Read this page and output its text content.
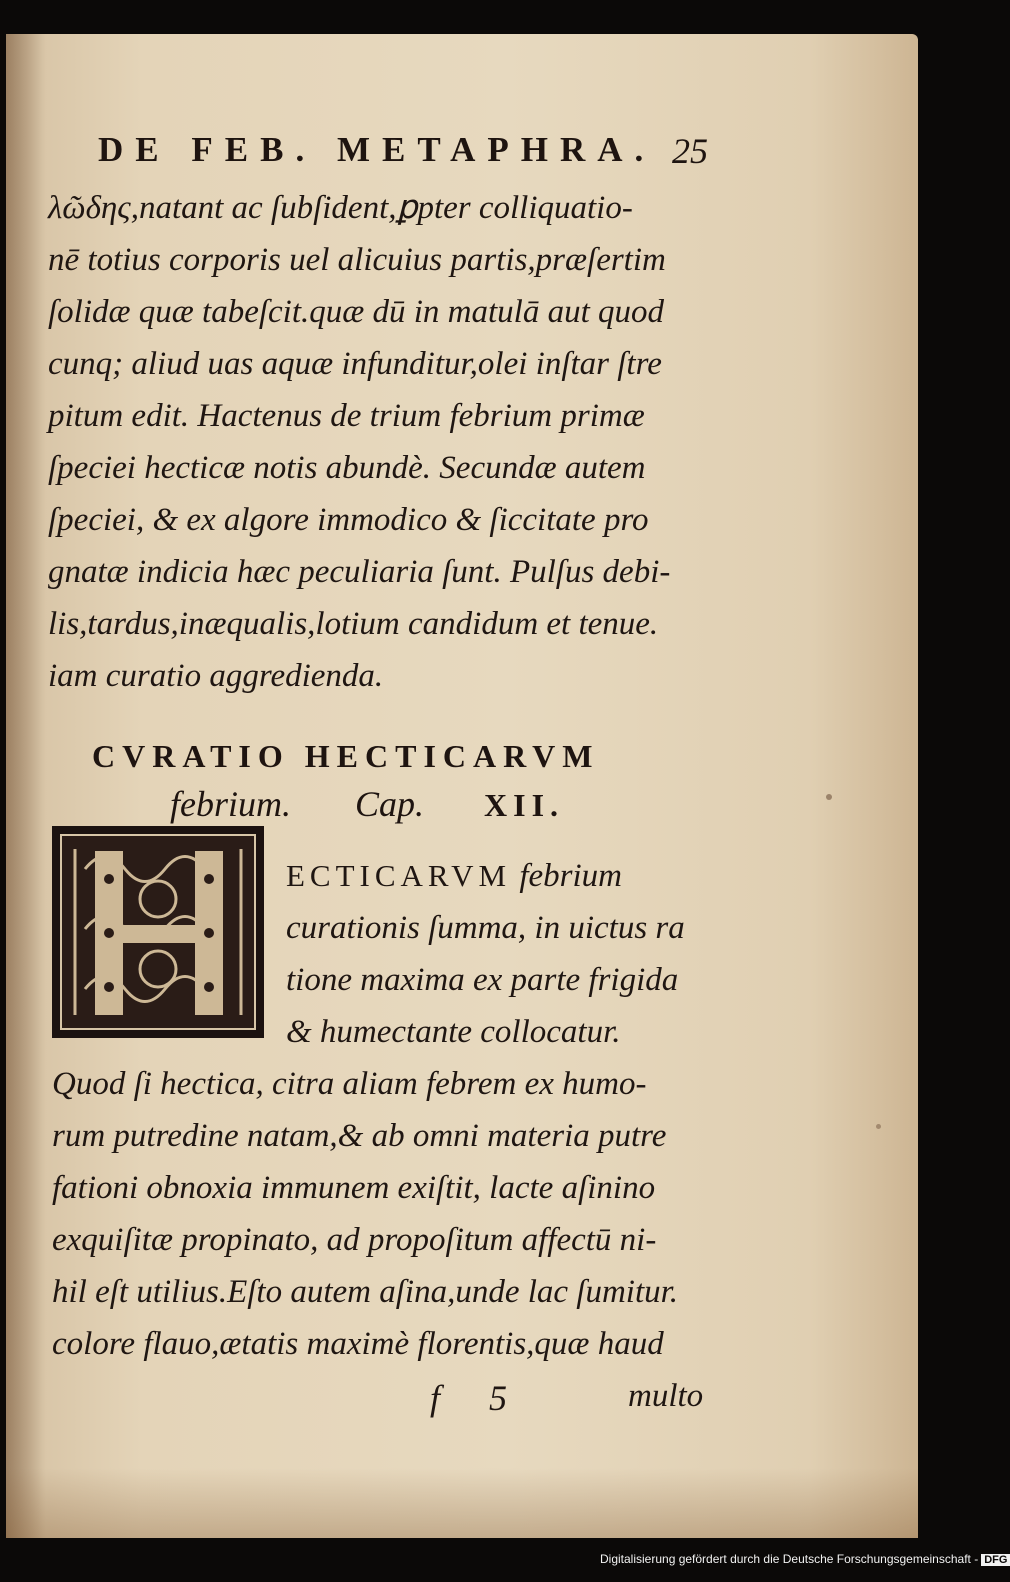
DE FEB. METAPHRA. 25

λῶδης,natant ac ſubſident,ꝑpter colliquatio-

nē totius corporis uel alicuius partis,præſertim

ſolidæ quæ tabeſcit.quæ dū in matulā aut quod

cunq; aliud uas aquæ infunditur,olei inſtar ſtre

pitum edit. Hactenus de trium febrium primæ

ſpeciei hecticæ notis abundè. Secundæ autem

ſpeciei, & ex algore immodico & ſiccitate pro

gnatæ indicia hæc peculiaria ſunt. Pulſus debi-

lis,tardus,inæqualis,lotium candidum et tenue.

iam curatio aggredienda.

CVRATIO HECTICARVM

febrium. Cap. XII.

ECTICARVM febrium

curationis ſumma, in uictus ra

tione maxima ex parte frigida

& humectante collocatur.

Quod ſi hectica, citra aliam febrem ex humo-

rum putredine natam,& ab omni materia putre

fationi obnoxia immunem exiſtit, lacte aſinino

exquiſitæ propinato, ad propoſitum affectū ni-

hil eſt utilius.Eſto autem aſina,unde lac ſumitur.

colore flauo,ætatis maximè florentis,quæ haud

f 5	multo

Digitalisierung gefördert durch die Deutsche Forschungsgemeinschaft - DFG
